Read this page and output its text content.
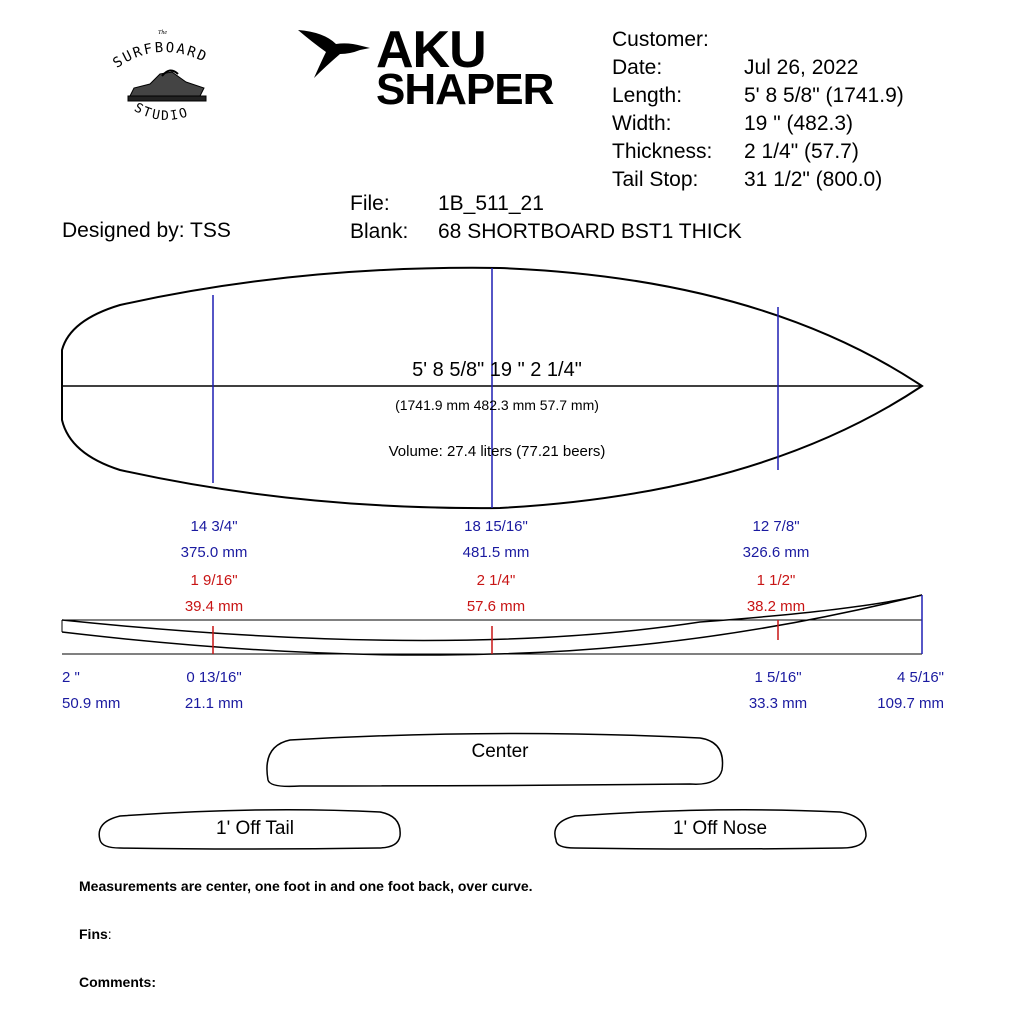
The
SURFBOARD
STUDIO
AKU
SHAPER
Customer:
Date:	Jul 26, 2022
Length:	5' 8 5/8" (1741.9)
Width:	19 " (482.3)
Thickness:	2 1/4" (57.7)
Tail Stop:	31 1/2" (800.0)
File:	1B_511_21
Blank:	68 SHORTBOARD BST1 THICK
Designed by: TSS
5' 8 5/8" 19 " 2 1/4"
(1741.9 mm 482.3 mm 57.7 mm)
Volume: 27.4 liters (77.21 beers)
14 3/4"
375.0 mm
18 15/16"
481.5 mm
12 7/8"
326.6 mm
1 9/16"
39.4 mm
2 1/4"
57.6 mm
1 1/2"
38.2 mm
2 "
50.9 mm
0 13/16"
21.1 mm
1 5/16"
33.3 mm
4 5/16"
109.7 mm
Center
1' Off Tail	1' Off Nose
Measurements are center, one foot in and one foot back, over curve.
Fins:
Comments:
